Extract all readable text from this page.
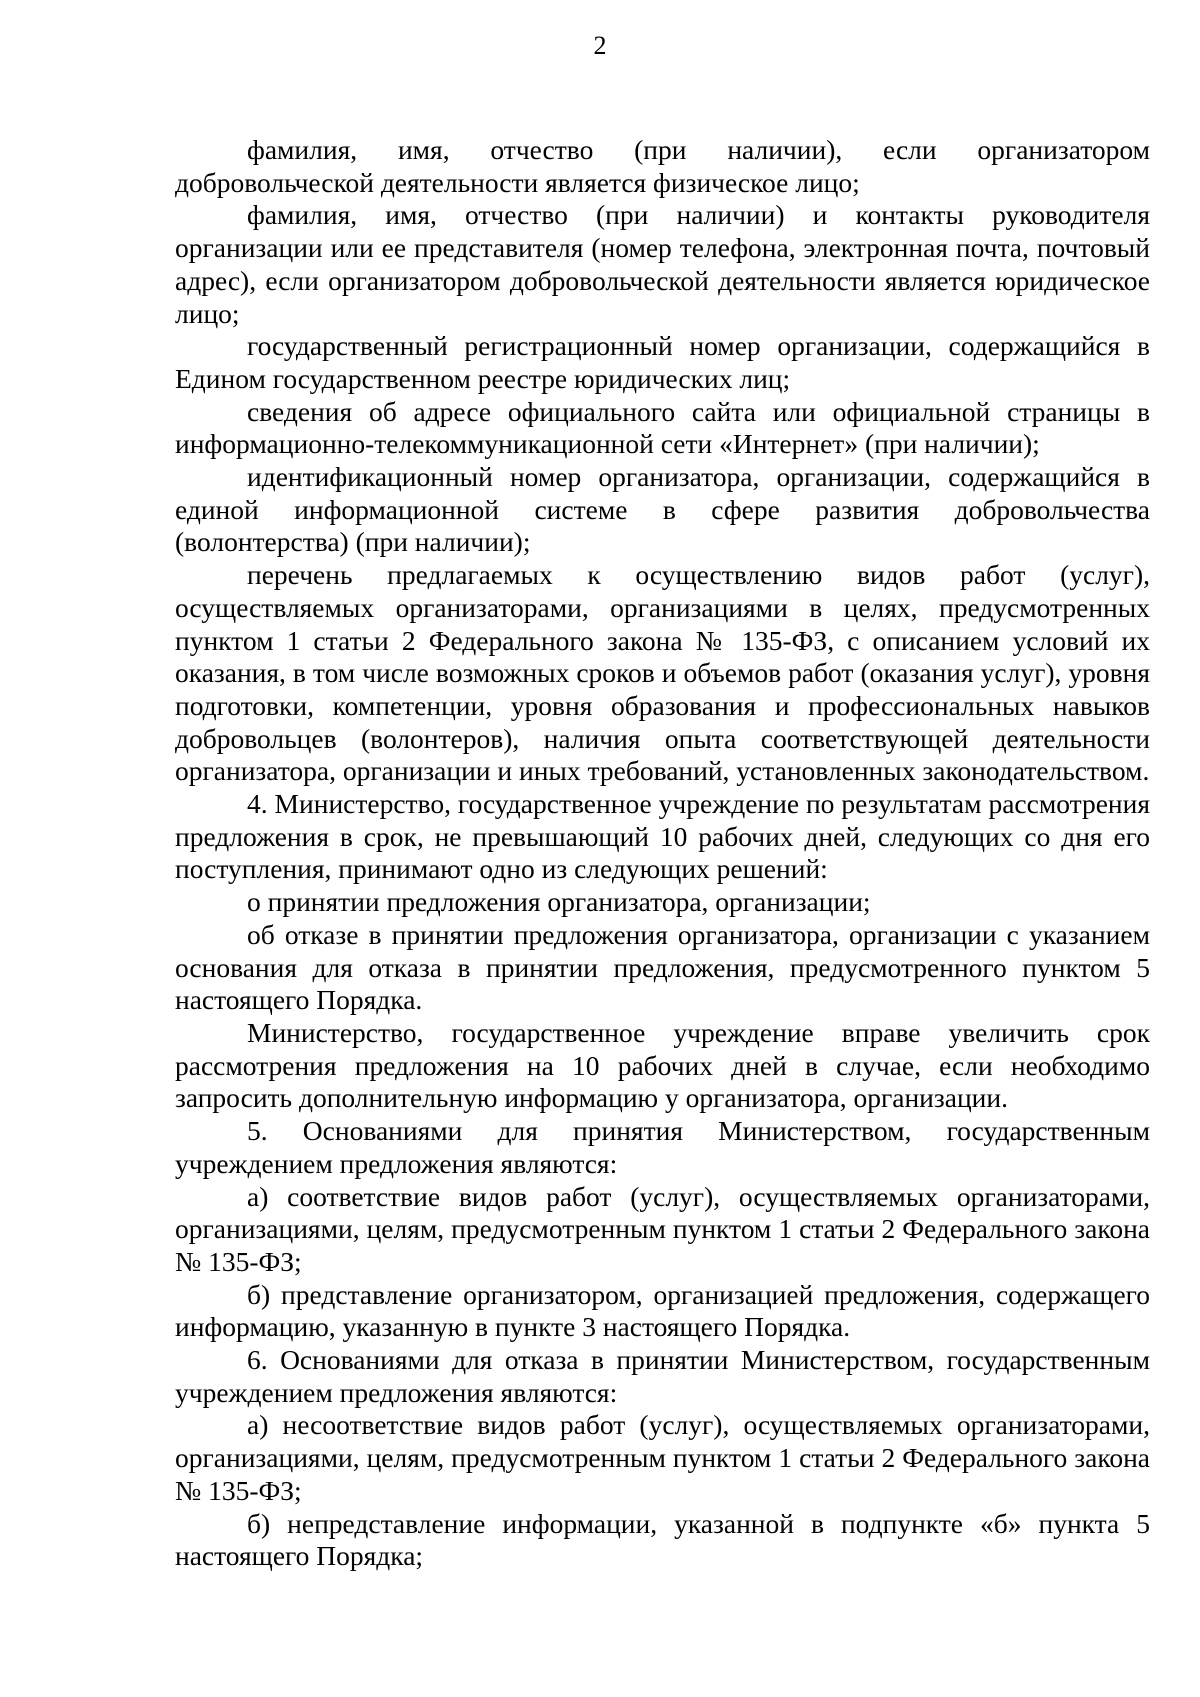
2

фамилия, имя, отчество (при наличии), если организатором добровольческой деятельности является физическое лицо;

фамилия, имя, отчество (при наличии) и контакты руководителя организации или ее представителя (номер телефона, электронная почта, почтовый адрес), если организатором добровольческой деятельности является юридическое лицо;

государственный регистрационный номер организации, содержащийся в Едином государственном реестре юридических лиц;

сведения об адресе официального сайта или официальной страницы в информационно-телекоммуникационной сети «Интернет» (при наличии);

идентификационный номер организатора, организации, содержащийся в единой информационной системе в сфере развития добровольчества (волонтерства) (при наличии);

перечень предлагаемых к осуществлению видов работ (услуг), осуществляемых организаторами, организациями в целях, предусмотренных пунктом 1 статьи 2 Федерального закона № 135-ФЗ, с описанием условий их оказания, в том числе возможных сроков и объемов работ (оказания услуг), уровня подготовки, компетенции, уровня образования и профессиональных навыков добровольцев (волонтеров), наличия опыта соответствующей деятельности организатора, организации и иных требований, установленных законодательством.

4. Министерство, государственное учреждение по результатам рассмотрения предложения в срок, не превышающий 10 рабочих дней, следующих со дня его поступления, принимают одно из следующих решений:

о принятии предложения организатора, организации;

об отказе в принятии предложения организатора, организации с указанием основания для отказа в принятии предложения, предусмотренного пунктом 5 настоящего Порядка.

Министерство, государственное учреждение вправе увеличить срок рассмотрения предложения на 10 рабочих дней в случае, если необходимо запросить дополнительную информацию у организатора, организации.

5. Основаниями для принятия Министерством, государственным учреждением предложения являются:

а) соответствие видов работ (услуг), осуществляемых организаторами, организациями, целям, предусмотренным пунктом 1 статьи 2 Федерального закона № 135-ФЗ;

б) представление организатором, организацией предложения, содержащего информацию, указанную в пункте 3 настоящего Порядка.

6. Основаниями для отказа в принятии Министерством, государственным учреждением предложения являются:

а) несоответствие видов работ (услуг), осуществляемых организаторами, организациями, целям, предусмотренным пунктом 1 статьи 2 Федерального закона № 135-ФЗ;

б) непредставление информации, указанной в подпункте «б» пункта 5 настоящего Порядка;
